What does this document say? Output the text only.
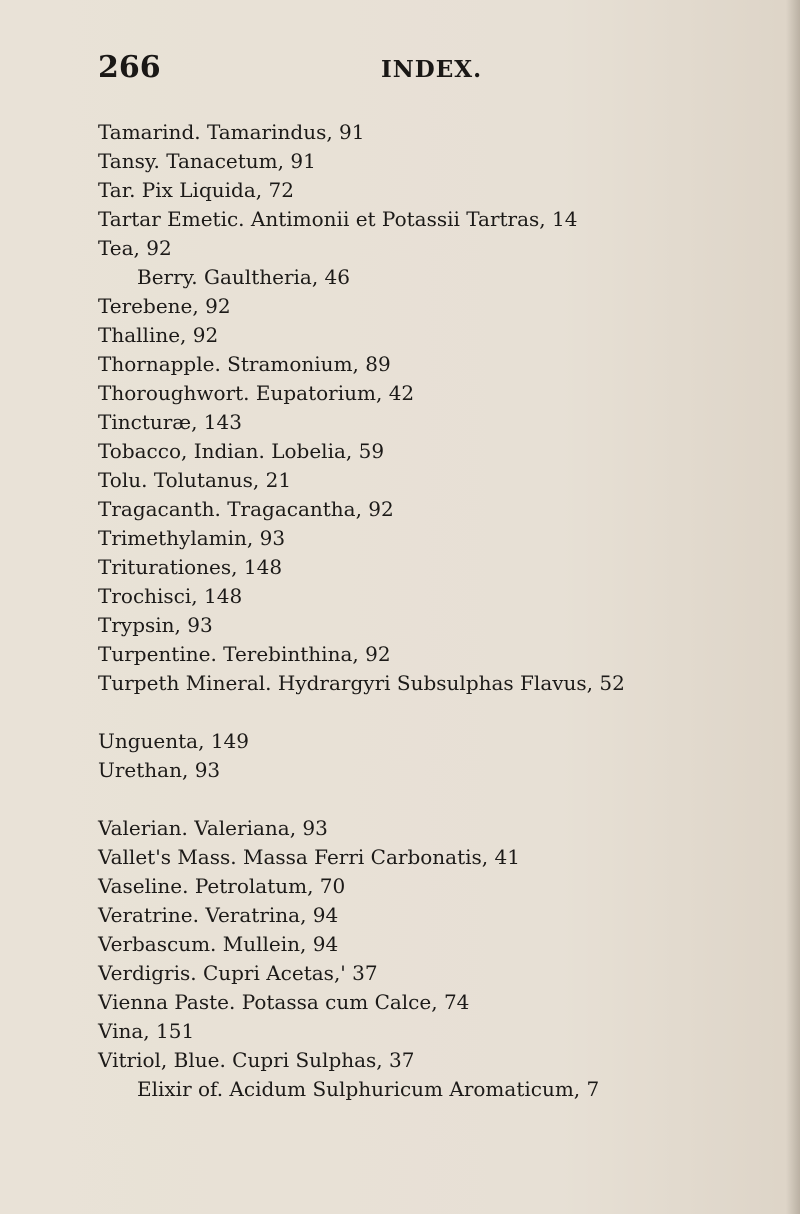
266	INDEX.
Tamarind. Tamarindus, 91
Tansy. Tanacetum, 91
Tar. Pix Liquida, 72
Tartar Emetic. Antimonii et Potassii Tartras, 14
Tea, 92
Berry. Gaultheria, 46
Terebene, 92
Thalline, 92
Thornapple. Stramonium, 89
Thoroughwort. Eupatorium, 42
Tincturæ, 143
Tobacco, Indian. Lobelia, 59
Tolu. Tolutanus, 21
Tragacanth. Tragacantha, 92
Trimethylamin, 93
Triturationes, 148
Trochisci, 148
Trypsin, 93
Turpentine. Terebinthina, 92
Turpeth Mineral. Hydrargyri Subsulphas Flavus, 52
Unguenta, 149
Urethan, 93
Valerian. Valeriana, 93
Vallet's Mass. Massa Ferri Carbonatis, 41
Vaseline. Petrolatum, 70
Veratrine. Veratrina, 94
Verbascum. Mullein, 94
Verdigris. Cupri Acetas,' 37
Vienna Paste. Potassa cum Calce, 74
Vina, 151
Vitriol, Blue. Cupri Sulphas, 37
Elixir of. Acidum Sulphuricum Aromaticum, 7
